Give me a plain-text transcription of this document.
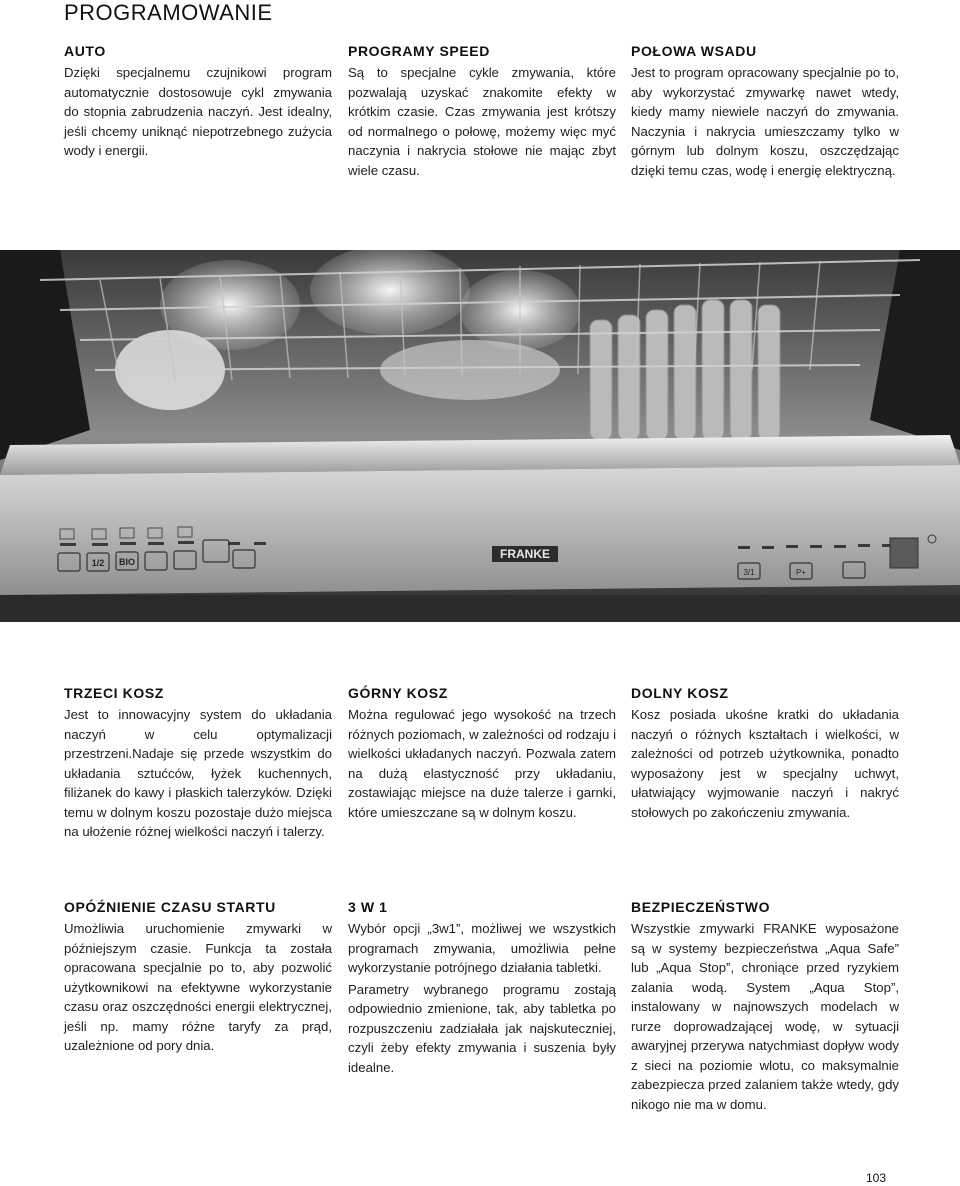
PROGRAMOWANIE
AUTO

Dzięki specjalnemu czujnikowi program automatycznie dostosowuje cykl zmywania do stopnia zabrudzenia naczyń. Jest idealny, jeśli chcemy uniknąć niepotrzebnego zużycia wody i energii.

PROGRAMY SPEED

Są to specjalne cykle zmywania, które pozwalają uzyskać znakomite efekty w krótkim czasie. Czas zmywania jest krótszy od normalnego o połowę, możemy więc myć naczynia i nakrycia stołowe nie mając zbyt wiele czasu.

POŁOWA WSADU

Jest to program opracowany specjalnie po to, aby wykorzystać zmywarkę nawet wtedy, kiedy mamy niewiele naczyń do zmywania. Naczynia i nakrycia umieszczamy tylko w górnym lub dolnym koszu, oszczędzając dzięki temu czas, wodę i energię elektryczną.

FRANKE
1/2 BIO
3/1	P+
TRZECI KOSZ

Jest to innowacyjny system do układania naczyń w celu optymalizacji przestrzeni.Nadaje się przede wszystkim do układania sztućców, łyżek kuchennych, filiżanek do kawy i płaskich talerzyków. Dzięki temu w dolnym koszu pozostaje dużo miejsca na ułożenie różnej wielkości naczyń i talerzy.

GÓRNY KOSZ

Można regulować jego wysokość na trzech różnych poziomach, w zależności od rodzaju i wielkości układanych naczyń. Pozwala zatem na dużą elastyczność przy układaniu, zostawiając miejsce na duże talerze i garnki, które umieszczane są w dolnym koszu.

DOLNY KOSZ

Kosz posiada ukośne kratki do układania naczyń o różnych kształtach i wielkości, w zależności od potrzeb użytkownika, ponadto wyposażony jest w specjalny uchwyt, ułatwiający wyjmowanie naczyń i nakryć stołowych po zakończeniu zmywania.

OPÓŹNIENIE CZASU STARTU

Umożliwia uruchomienie zmywarki w późniejszym czasie. Funkcja ta została opracowana specjalnie po to, aby pozwolić użytkownikowi na efektywne wykorzystanie czasu oraz oszczędności energii elektrycznej, jeśli np. mamy różne taryfy za prąd, uzależnione od pory dnia.

3 W 1

Wybór opcji „3w1”, możliwej we wszystkich programach zmywania, umożliwia pełne wykorzystanie potrójnego działania tabletki.

Parametry wybranego programu zostają odpowiednio zmienione, tak, aby tabletka po rozpuszczeniu zadziałała jak najskuteczniej, czyli żeby efekty zmywania i suszenia były idealne.

BEZPIECZEŃSTWO

Wszystkie zmywarki FRANKE wyposażone są w systemy bezpieczeństwa „Aqua Safe” lub „Aqua Stop”, chroniące przed ryzykiem zalania wodą. System „Aqua Stop”, instalowany w najnowszych modelach w rurze doprowadzającej wodę, w sytuacji awaryjnej przerywa natychmiast dopływ wody z sieci na poziomie wlotu, co maksymalnie zabezpiecza przed zalaniem także wtedy, gdy nikogo nie ma w domu.

103
